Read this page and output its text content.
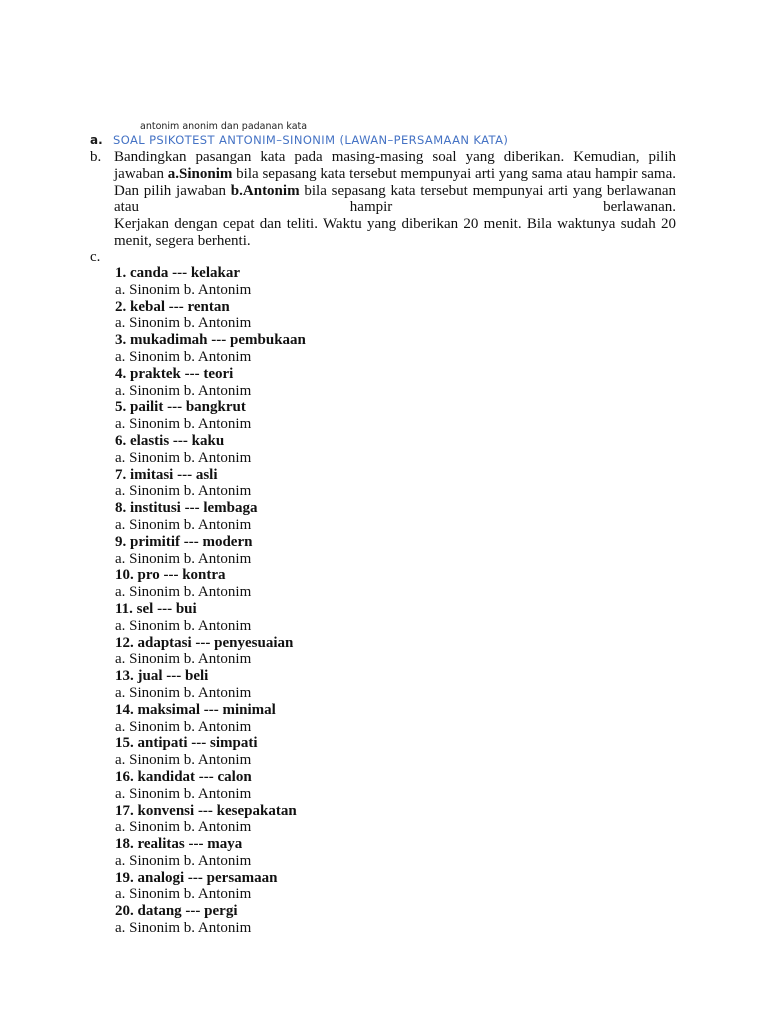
antonim anonim dan padanan kata
a. SOAL PSIKOTEST ANTONIM–SINONIM (LAWAN–PERSAMAAN KATA)
b. Bandingkan pasangan kata pada masing-masing soal yang diberikan. Kemudian, pilih jawaban a.Sinonim bila sepasang kata tersebut mempunyai arti yang sama atau hampir sama. Dan pilih jawaban b.Antonim bila sepasang kata tersebut mempunyai arti yang berlawanan atau hampir berlawanan.

Kerjakan dengan cepat dan teliti. Waktu yang diberikan 20 menit. Bila waktunya sudah 20 menit, segera berhenti.

c.
1. canda --- kelakar
a. Sinonim b. Antonim
2. kebal --- rentan
a. Sinonim b. Antonim
3. mukadimah --- pembukaan
a. Sinonim b. Antonim
4. praktek --- teori
a. Sinonim b. Antonim
5. pailit --- bangkrut
a. Sinonim b. Antonim
6. elastis --- kaku
a. Sinonim b. Antonim
7. imitasi --- asli
a. Sinonim b. Antonim
8. institusi --- lembaga
a. Sinonim b. Antonim
9. primitif --- modern
a. Sinonim b. Antonim
10. pro --- kontra
a. Sinonim b. Antonim
11. sel --- bui
a. Sinonim b. Antonim
12. adaptasi --- penyesuaian
a. Sinonim b. Antonim
13. jual --- beli
a. Sinonim b. Antonim
14. maksimal --- minimal
a. Sinonim b. Antonim
15. antipati --- simpati
a. Sinonim b. Antonim
16. kandidat --- calon
a. Sinonim b. Antonim
17. konvensi --- kesepakatan
a. Sinonim b. Antonim
18. realitas --- maya
a. Sinonim b. Antonim
19. analogi --- persamaan
a. Sinonim b. Antonim
20. datang --- pergi
a. Sinonim b. Antonim
